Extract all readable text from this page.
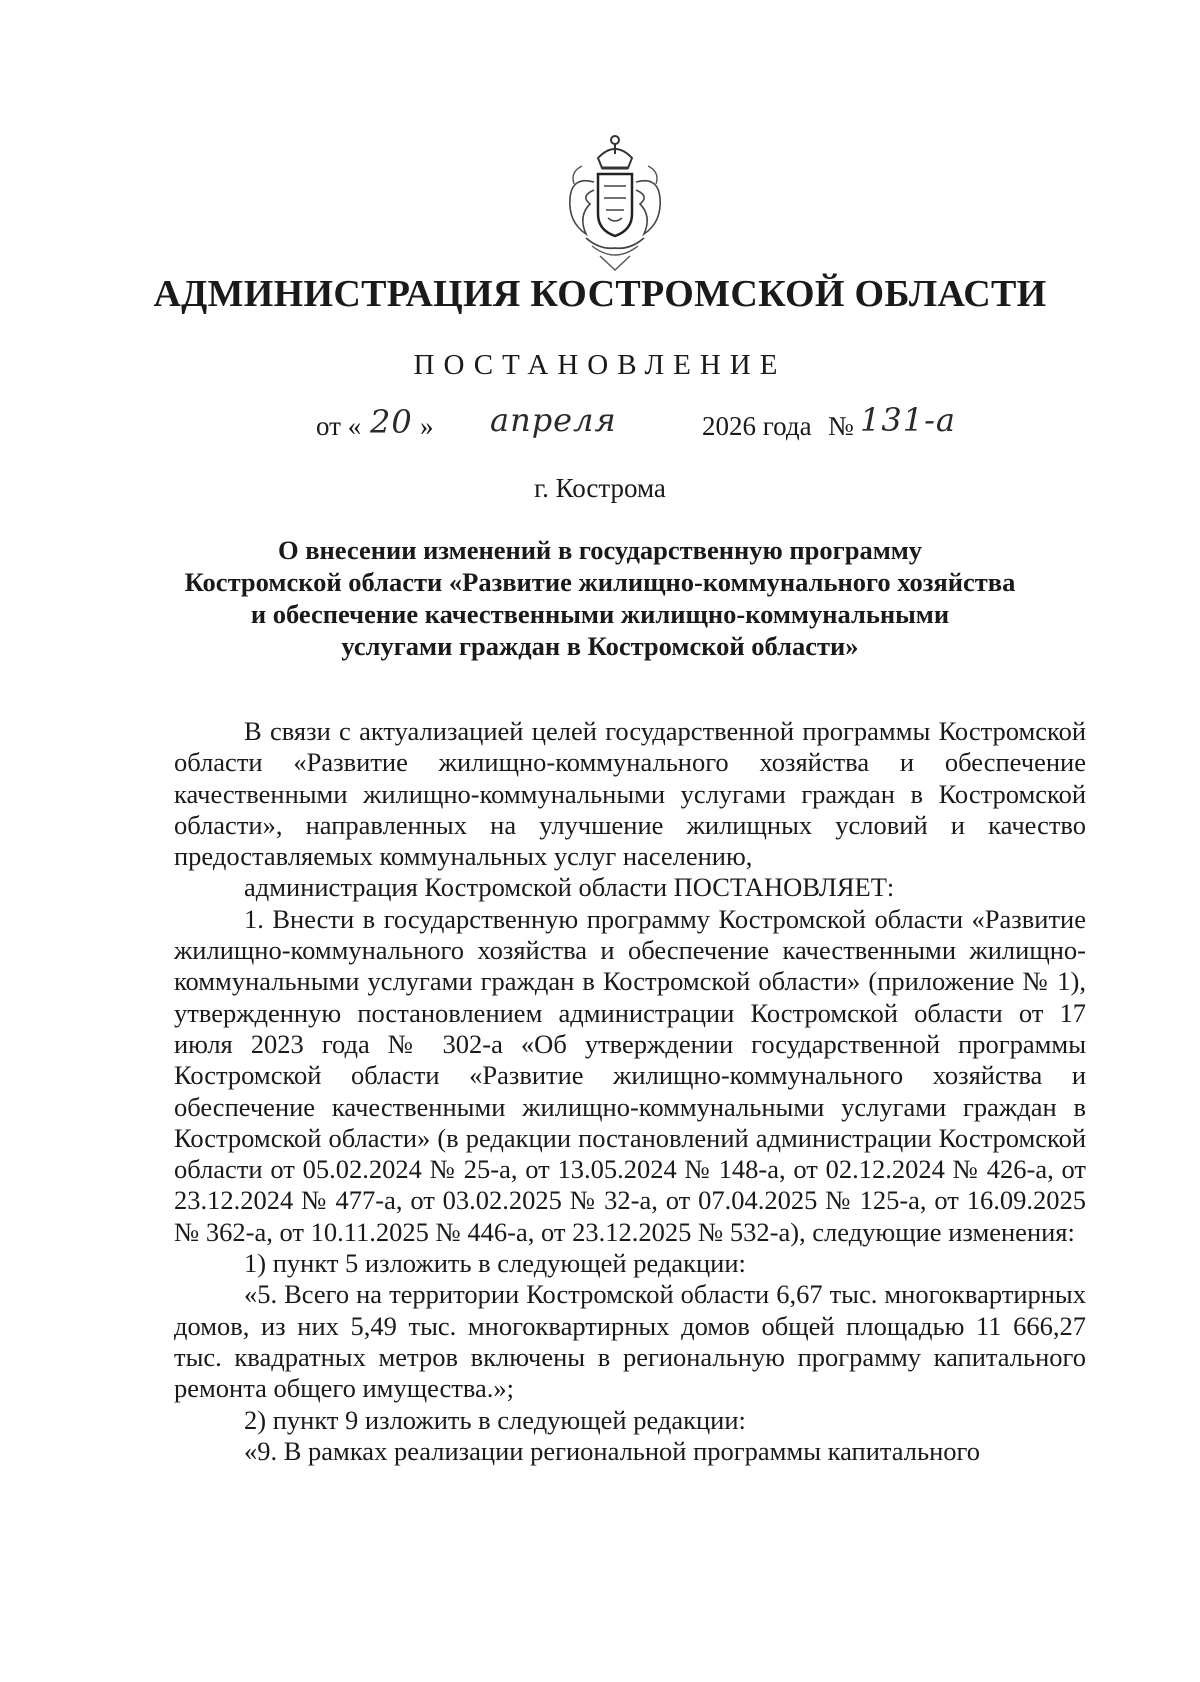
АДМИНИСТРАЦИЯ КОСТРОМСКОЙ ОБЛАСТИ
ПОСТАНОВЛЕНИЕ
от « 20 » апреля	2026 года № 131-а
г. Кострома
О внесении изменений в государственную программу
Костромской области «Развитие жилищно-коммунального хозяйства
и обеспечение качественными жилищно-коммунальными
услугами граждан в Костромской области»

В связи с актуализацией целей государственной программы Костромской области «Развитие жилищно-коммунального хозяйства и обеспечение качественными жилищно-коммунальными услугами граждан в Костромской области», направленных на улучшение жилищных условий и качество предоставляемых коммунальных услуг населению,

администрация Костромской области ПОСТАНОВЛЯЕТ:

1. Внести в государственную программу Костромской области «Развитие жилищно-коммунального хозяйства и обеспечение качественными жилищно-коммунальными услугами граждан в Костромской области» (приложение № 1), утвержденную постановлением администрации Костромской области от 17 июля 2023 года № 302-а «Об утверждении государственной программы Костромской области «Развитие жилищно-коммунального хозяйства и обеспечение качественными жилищно-коммунальными услугами граждан в Костромской области» (в редакции постановлений администрации Костромской области от 05.02.2024 № 25-а, от 13.05.2024 № 148-а, от 02.12.2024 № 426-а, от 23.12.2024 № 477-а, от 03.02.2025 № 32-а, от 07.04.2025 № 125-а, от 16.09.2025 № 362-а, от 10.11.2025 № 446-а, от 23.12.2025 № 532-а), следующие изменения:

1) пункт 5 изложить в следующей редакции:

«5. Всего на территории Костромской области 6,67 тыс. многоквартирных домов, из них 5,49 тыс. многоквартирных домов общей площадью 11 666,27 тыс. квадратных метров включены в региональную программу капитального ремонта общего имущества.»;

2) пункт 9 изложить в следующей редакции:

«9. В рамках реализации региональной программы капитального
